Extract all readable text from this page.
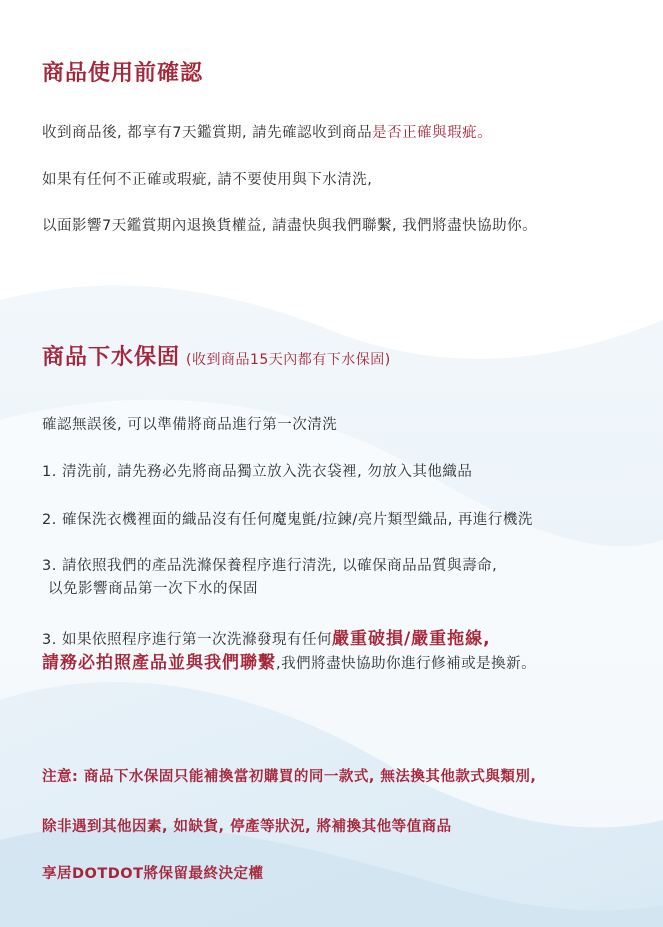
商品使用前確認
收到商品後, 都享有7天鑑賞期, 請先確認收到商品是否正確與瑕疵。
如果有任何不正確或瑕疵, 請不要使用與下水清洗,
以面影響7天鑑賞期內退換貨權益, 請盡快與我們聯繫, 我們將盡快協助你。
商品下水保固 (收到商品15天內都有下水保固)
確認無誤後, 可以準備將商品進行第一次清洗
1. 清洗前, 請先務必先將商品獨立放入洗衣袋裡, 勿放入其他織品
2. 確保洗衣機裡面的織品沒有任何魔鬼氈/拉鍊/亮片類型織品, 再進行機洗
3. 請依照我們的產品洗滌保養程序進行清洗, 以確保商品品質與壽命,
以免影響商品第一次下水的保固
3. 如果依照程序進行第一次洗滌發現有任何嚴重破損/嚴重拖線,
請務必拍照產品並與我們聯繫,我們將盡快協助你進行修補或是換新。
注意: 商品下水保固只能補換當初購買的同一款式, 無法換其他款式與類別,
除非遇到其他因素, 如缺貨, 停產等狀況, 將補換其他等值商品
享居DOTDOT將保留最終決定權
